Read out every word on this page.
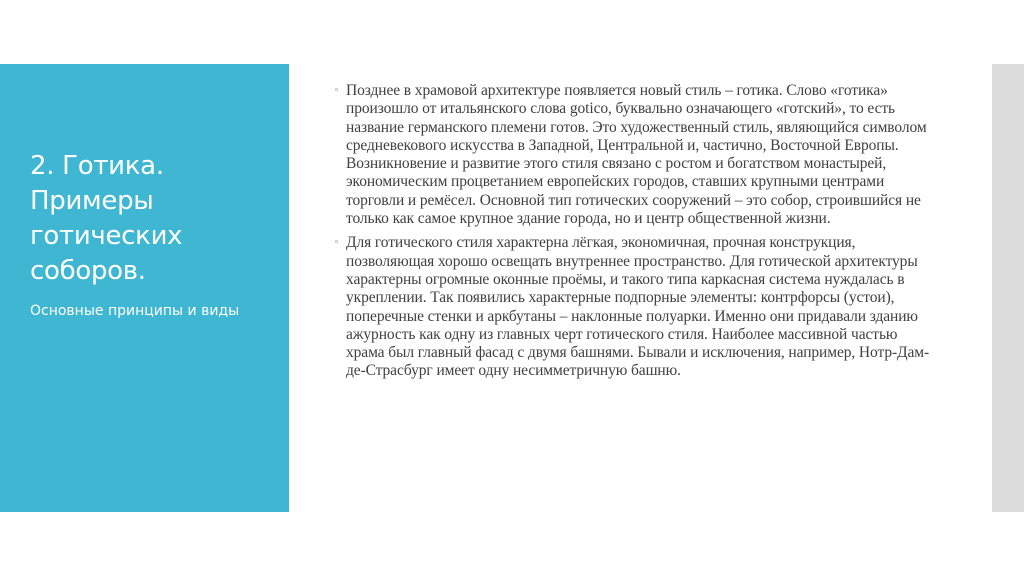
2. Готика. Примеры готических соборов.

Основные принципы и виды

◦ Позднее в храмовой архитектуре появляется новый стиль – готика. Слово «готика» произошло от итальянского слова gotico, буквально означающего «готский», то есть название германского племени готов. Это художественный стиль, являющийся символом средневекового искусства в Западной, Центральной и, частично, Восточной Европы. Возникновение и развитие этого стиля связано с ростом и богатством монастырей, экономическим процветанием европейских городов, ставших крупными центрами торговли и ремёсел. Основной тип готических сооружений – это собор, строившийся не только как самое крупное здание города, но и центр общественной жизни.
◦ Для готического стиля характерна лёгкая, экономичная, прочная конструкция, позволяющая хорошо освещать внутреннее пространство. Для готической архитектуры характерны огромные оконные проёмы, и такого типа каркасная система нуждалась в укреплении. Так появились характерные подпорные элементы: контрфорсы (устои), поперечные стенки и аркбутаны – наклонные полуарки. Именно они придавали зданию ажурность как одну из главных черт готического стиля. Наиболее массивной частью храма был главный фасад с двумя башнями. Бывали и исключения, например, Нотр-Дам-де-Страсбург имеет одну несимметричную башню.
